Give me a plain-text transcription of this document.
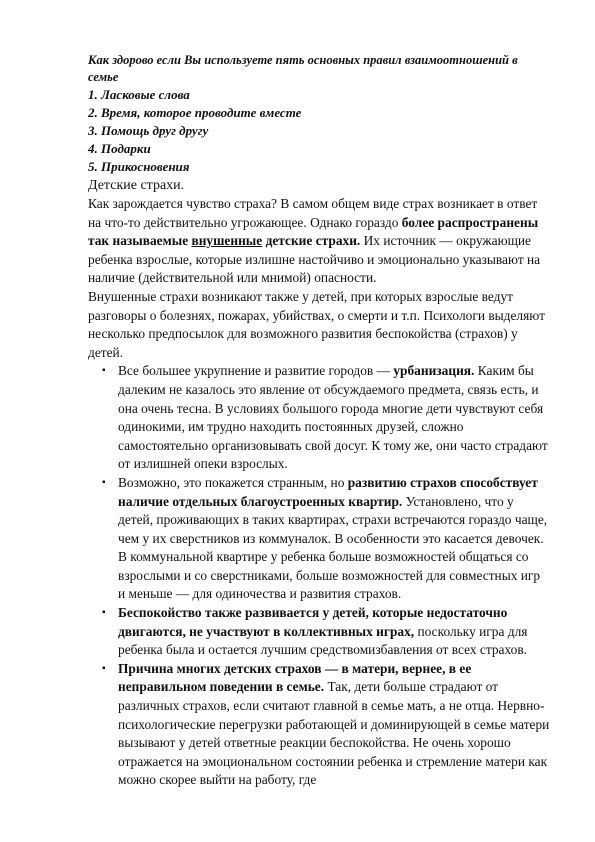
Как здорово если Вы используете пять основных правил взаимоотношений в семье

1. Ласковые слова
2. Время, которое проводите вместе
3. Помощь друг другу
4. Подарки
5. Прикосновения

Детские страхи.

Как зарождается чувство страха? В самом общем виде страх возникает в ответ на что-то действительно угрожающее. Однако гораздо более распространены так называемые внушенные детские страхи. Их источник — окружающие ребенка взрослые, которые излишне настойчиво и эмоционально указывают на наличие (действительной или мнимой) опасности.

Внушенные страхи возникают также у детей, при которых взрослые ведут разговоры о болезнях, пожарах, убийствах, о смерти и т.п. Психологи выделяют несколько предпосылок для возможного развития беспокойства (страхов) у детей.

▪ Все большее укрупнение и развитие городов — урбанизация. Каким бы далеким не казалось это явление от обсуждаемого предмета, связь есть, и она очень тесна. В условиях большого города многие дети чувствуют себя одинокими, им трудно находить постоянных друзей, сложно самостоятельно организовывать свой досуг. К тому же, они часто страдают от излишней опеки взрослых.
▪ Возможно, это покажется странным, но развитию страхов способствует наличие отдельных благоустроенных квартир. Установлено, что у детей, проживающих в таких квартирах, страхи встречаются гораздо чаще, чем у их сверстников из коммуналок. В особенности это касается девочек. В коммунальной квартире у ребенка больше возможностей общаться со взрослыми и со сверстниками, больше возможностей для совместных игр и меньше — для одиночества и развития страхов.
▪ Беспокойство также развивается у детей, которые недостаточно двигаются, не участвуют в коллективных играх, поскольку игра для ребенка была и остается лучшим средствомизбавления от всех страхов.
▪ Причина многих детских страхов — в матери, вернее, в ее неправильном поведении в семье. Так, дети больше страдают от различных страхов, если считают главной в семье мать, а не отца. Нервно-психологические перегрузки работающей и доминирующей в семье матери вызывают у детей ответные реакции беспокойства. Не очень хорошо отражается на эмоциональном состоянии ребенка и стремление матери как можно скорее выйти на работу, где
